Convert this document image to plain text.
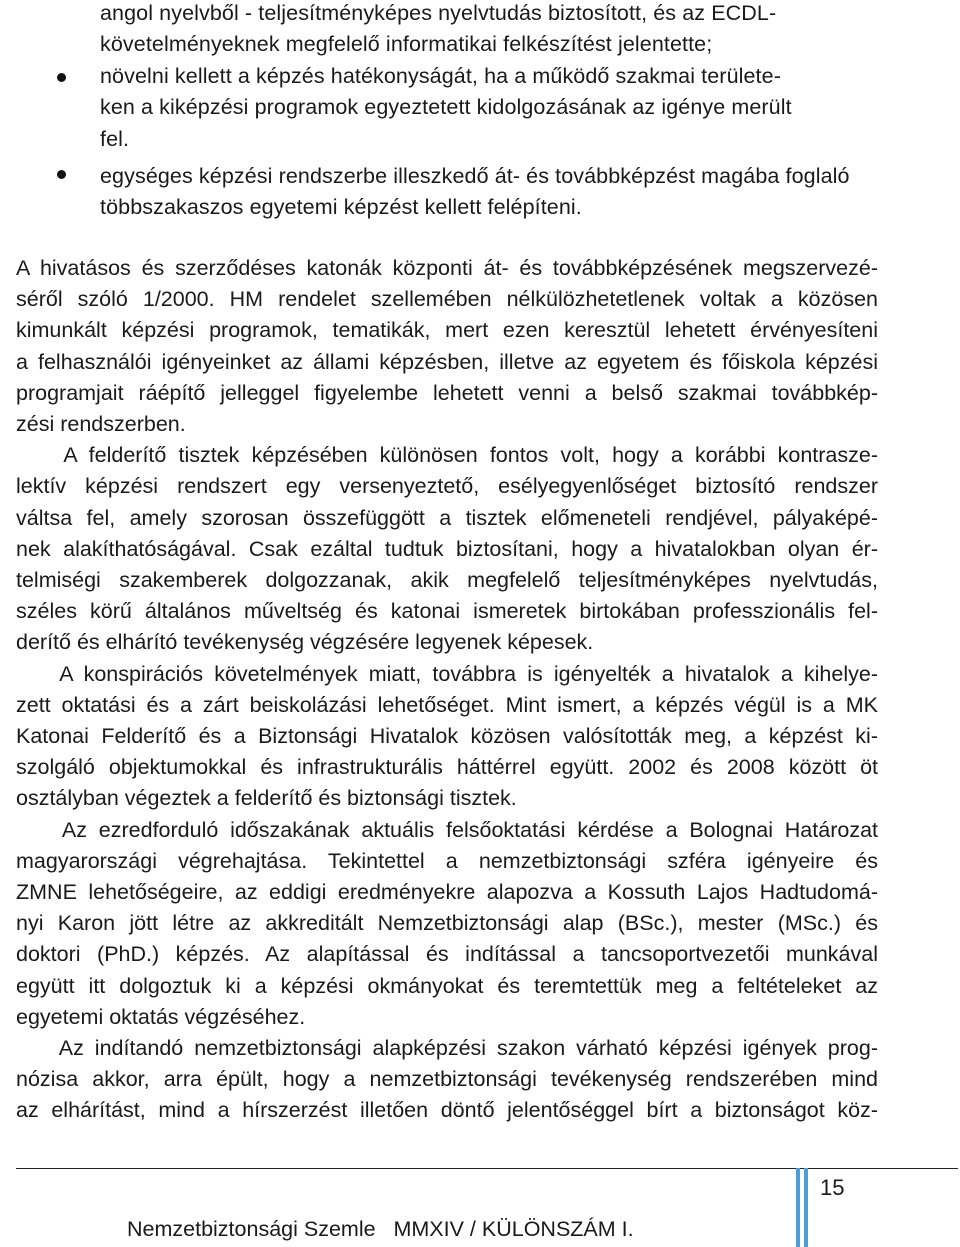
angol nyelvből - teljesítményképes nyelvtudás biztosított, és az ECDL-
követelményeknek megfelelő informatikai felkészítést jelentette;
növelni kellett a képzés hatékonyságát, ha a működő szakmai területe-
ken a kiképzési programok egyeztetett kidolgozásának az igénye merült
fel.
egységes képzési rendszerbe illeszkedő át- és továbbképzést magába foglaló
többszakaszos egyetemi képzést kellett felépíteni.

A hivatásos és szerződéses katonák központi át- és továbbképzésének megszervezé-
séről szóló 1/2000. HM rendelet szellemében nélkülözhetetlenek voltak a közösen
kimunkált képzési programok, tematikák, mert ezen keresztül lehetett érvényesíteni
a felhasználói igényeinket az állami képzésben, illetve az egyetem és főiskola képzési
programjait ráépítő jelleggel figyelembe lehetett venni a belső szakmai továbbkép-
zési rendszerben.

A felderítő tisztek képzésében különösen fontos volt, hogy a korábbi kontrasze-
lektív képzési rendszert egy versenyeztető, esélyegyenlőséget biztosító rendszer
váltsa fel, amely szorosan összefüggött a tisztek előmeneteli rendjével, pályaképé-
nek alakíthatóságával. Csak ezáltal tudtuk biztosítani, hogy a hivatalokban olyan ér-
telmiségi szakemberek dolgozzanak, akik megfelelő teljesítményképes nyelvtudás,
széles körű általános műveltség és katonai ismeretek birtokában professzionális fel-
derítő és elhárító tevékenység végzésére legyenek képesek.

A konspirációs követelmények miatt, továbbra is igényelték a hivatalok a kihelye-
zett oktatási és a zárt beiskolázási lehetőséget. Mint ismert, a képzés végül is a MK
Katonai Felderítő és a Biztonsági Hivatalok közösen valósították meg, a képzést ki-
szolgáló objektumokkal és infrastrukturális háttérrel együtt. 2002 és 2008 között öt
osztályban végeztek a felderítő és biztonsági tisztek.

Az ezredforduló időszakának aktuális felsőoktatási kérdése a Bolognai Határozat
magyarországi végrehajtása. Tekintettel a nemzetbiztonsági szféra igényeire és
ZMNE lehetőségeire, az eddigi eredményekre alapozva a Kossuth Lajos Hadtudomá-
nyi Karon jött létre az akkreditált Nemzetbiztonsági alap (BSc.), mester (MSc.) és
doktori (PhD.) képzés. Az alapítással és indítással a tancsoportvezetői munkával
együtt itt dolgoztuk ki a képzési okmányokat és teremtettük meg a feltételeket az
egyetemi oktatás végzéséhez.

Az indítandó nemzetbiztonsági alapképzési szakon várható képzési igények prog-
nózisa akkor, arra épült, hogy a nemzetbiztonsági tevékenység rendszerében mind
az elhárítást, mind a hírszerzést illetően döntő jelentőséggel bírt a biztonságot köz-

15
Nemzetbiztonsági Szemle   MMXIV / KÜLÖNSZÁM I.
